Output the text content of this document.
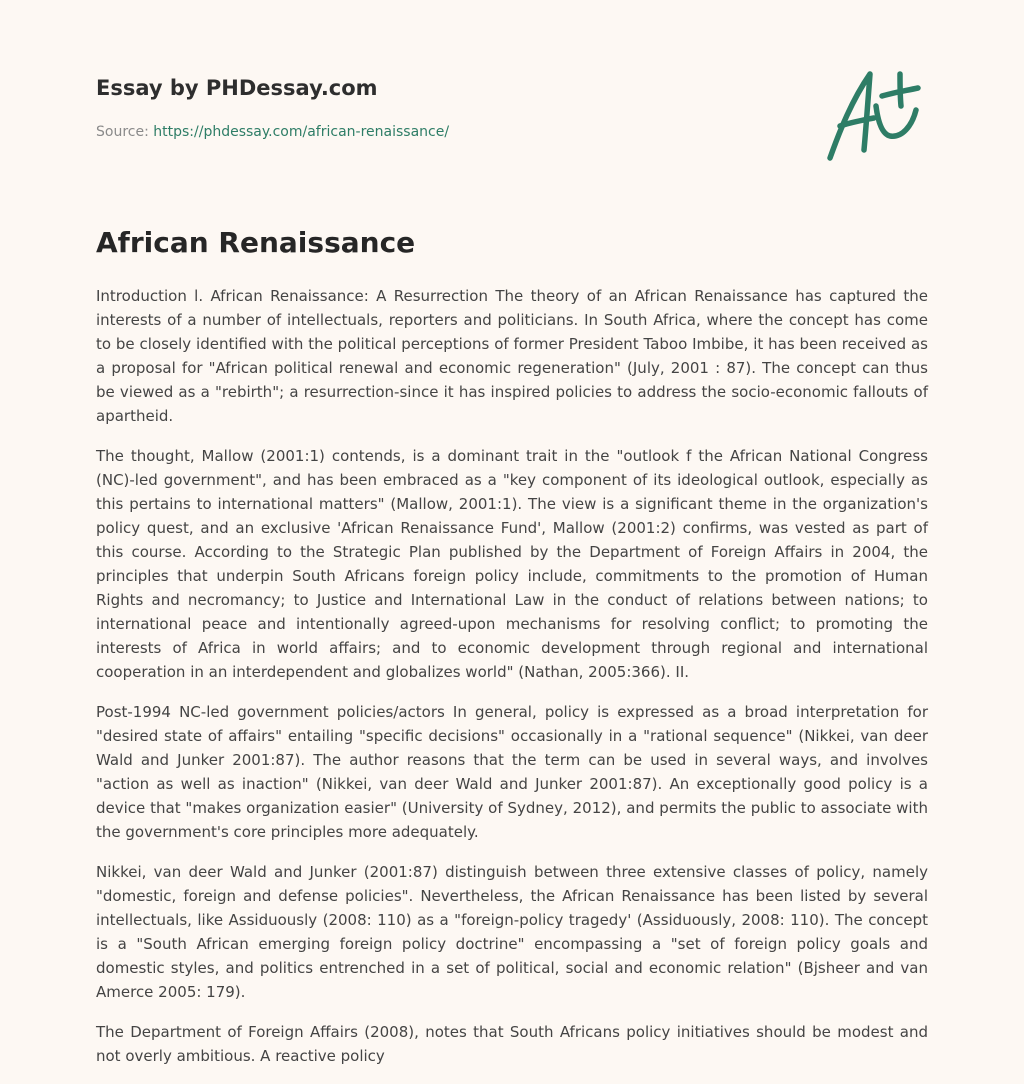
Essay by PHDessay.com
Source: https://phdessay.com/african-renaissance/
African Renaissance

Introduction l. African Renaissance: A Resurrection The theory of an African Renaissance has captured the interests of a number of intellectuals, reporters and politicians. In South Africa, where the concept has come to be closely identified with the political perceptions of former President Taboo Imbibe, it has been received as a proposal for "African political renewal and economic regeneration" (July, 2001 : 87). The concept can thus be viewed as a "rebirth"; a resurrection-since it has inspired policies to address the socio-economic fallouts of apartheid.

The thought, Mallow (2001:1) contends, is a dominant trait in the "outlook f the African National Congress (NC)-led government", and has been embraced as a "key component of its ideological outlook, especially as this pertains to international matters" (Mallow, 2001:1). The view is a significant theme in the organization's policy quest, and an exclusive 'African Renaissance Fund', Mallow (2001:2) confirms, was vested as part of this course. According to the Strategic Plan published by the Department of Foreign Affairs in 2004, the principles that underpin South Africans foreign policy include, commitments to the promotion of Human Rights and necromancy; to Justice and International Law in the conduct of relations between nations; to international peace and intentionally agreed-upon mechanisms for resolving conflict; to promoting the interests of Africa in world affairs; and to economic development through regional and international cooperation in an interdependent and globalizes world" (Nathan, 2005:366). II.

Post-1994 NC-led government policies/actors In general, policy is expressed as a broad interpretation for "desired state of affairs" entailing "specific decisions" occasionally in a "rational sequence" (Nikkei, van deer Wald and Junker 2001:87). The author reasons that the term can be used in several ways, and involves "action as well as inaction" (Nikkei, van deer Wald and Junker 2001:87). An exceptionally good policy is a device that "makes organization easier" (University of Sydney, 2012), and permits the public to associate with the government's core principles more adequately.

Nikkei, van deer Wald and Junker (2001:87) distinguish between three extensive classes of policy, namely "domestic, foreign and defense policies". Nevertheless, the African Renaissance has been listed by several intellectuals, like Assiduously (2008: 110) as a "foreign-policy tragedy' (Assiduously, 2008: 110). The concept is a "South African emerging foreign policy doctrine" encompassing a "set of foreign policy goals and domestic styles, and politics entrenched in a set of political, social and economic relation" (Bjsheer and van Amerce 2005: 179).

The Department of Foreign Affairs (2008), notes that South Africans policy initiatives should be modest and not overly ambitious. A reactive policy
